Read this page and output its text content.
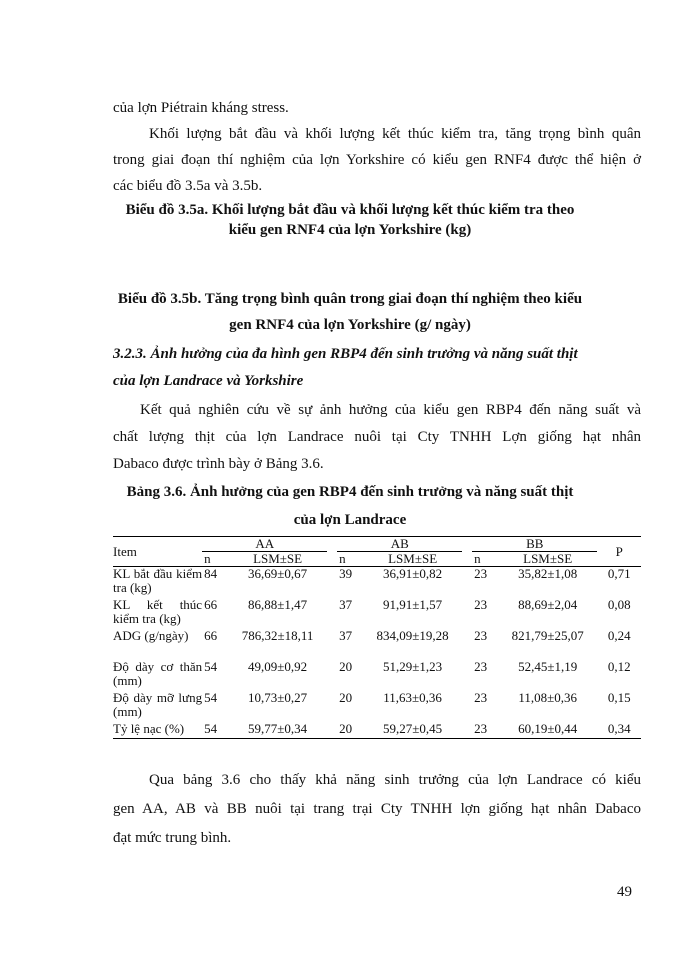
của lợn Piétrain kháng stress.
Khối lượng bắt đầu và khối lượng kết thúc kiểm tra, tăng trọng bình quân
trong giai đoạn thí nghiệm của lợn Yorkshire có kiểu gen RNF4 được thể hiện ở
các biểu đồ 3.5a và 3.5b.
Biểu đồ 3.5a. Khối lượng bắt đầu và khối lượng kết thúc kiểm tra theo
kiểu gen RNF4 của lợn Yorkshire (kg)
Biểu đồ 3.5b. Tăng trọng bình quân trong giai đoạn thí nghiệm theo kiểu
gen RNF4 của lợn Yorkshire (g/ ngày)
3.2.3. Ảnh hưởng của đa hình gen RBP4 đến sinh trưởng và năng suất thịt
của lợn Landrace và Yorkshire
Kết quả nghiên cứu về sự ảnh hưởng của kiểu gen RBP4 đến năng suất và
chất lượng thịt của lợn Landrace nuôi tại Cty TNHH Lợn giống hạt nhân
Dabaco được trình bày ở Bảng 3.6.
Bảng 3.6. Ảnh hưởng của gen RBP4 đến sinh trưởng và năng suất thịt
của lợn Landrace
Item	AA			AB			BB		P
	n	LSM±SE		n	LSM±SE		n	LSM±SE	
KL bắt đầu kiểm tra (kg)	84	36,69±0,67		39	36,91±0,82		23	35,82±1,08	0,71
KL kết thúc kiểm tra (kg)	66	86,88±1,47		37	91,91±1,57		23	88,69±2,04	0,08
ADG (g/ngày)	66	786,32±18,11		37	834,09±19,28		23	821,79±25,07	0,24
Độ dày cơ thăn (mm)	54	49,09±0,92		20	51,29±1,23		23	52,45±1,19	0,12
Độ dày mỡ lưng (mm)	54	10,73±0,27		20	11,63±0,36		23	11,08±0,36	0,15
Tỷ lệ nạc (%)	54	59,77±0,34		20	59,27±0,45		23	60,19±0,44	0,34
Qua bảng 3.6 cho thấy khả năng sinh trưởng của lợn Landrace có kiểu
gen AA, AB và BB nuôi tại trang trại Cty TNHH lợn giống hạt nhân Dabaco
đạt mức trung bình.
49
